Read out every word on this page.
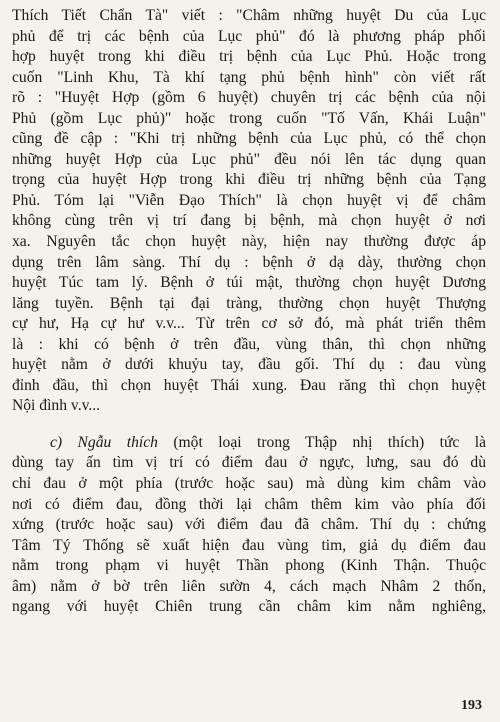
Thích Tiết Chẩn Tà" viết : "Châm những huyệt Du của Lục
phủ để trị các bệnh của Lục phủ" đó là phương pháp phối
hợp huyệt trong khi điều trị bệnh của Lục Phủ. Hoặc trong
cuốn "Linh Khu, Tà khí tạng phủ bệnh hình" còn viết rất
rõ : "Huyệt Hợp (gồm 6 huyệt) chuyên trị các bệnh của nội
Phủ (gồm Lục phủ)" hoặc trong cuốn "Tố Vấn, Khái Luận"
cũng đề cập : "Khi trị những bệnh của Lục phủ, có thể chọn
những huyệt Hợp của Lục phủ" đều nói lên tác dụng quan
trọng của huyệt Hợp trong khi điều trị những bệnh của Tạng
Phủ. Tóm lại "Viễn Đạo Thích" là chọn huyệt vị để châm
không cùng trên vị trí đang bị bệnh, mà chọn huyệt ở nơi
xa. Nguyên tắc chọn huyệt này, hiện nay thường được áp
dụng trên lâm sàng. Thí dụ : bệnh ở dạ dày, thường chọn
huyệt Túc tam lý. Bệnh ở túi mật, thường chọn huyệt Dương
lăng tuyền. Bệnh tại đại tràng, thường chọn huyệt Thượng
cự hư, Hạ cự hư v.v... Từ trên cơ sở đó, mà phát triển thêm
là : khi có bệnh ở trên đầu, vùng thân, thì chọn những
huyệt nằm ở dưới khuỷu tay, đầu gối. Thí dụ : đau vùng
đỉnh đầu, thì chọn huyệt Thái xung. Đau răng thì chọn huyệt
Nội đình v.v...
c) Ngẫu thích (một loại trong Thập nhị thích) tức là
dùng tay ấn tìm vị trí có điểm đau ở ngực, lưng, sau đó dù
chỉ đau ở một phía (trước hoặc sau) mà dùng kim châm vào
nơi có điểm đau, đồng thời lại châm thêm kim vào phía đối
xứng (trước hoặc sau) với điểm đau đã châm. Thí dụ : chứng
Tâm Tý Thống sẽ xuất hiện đau vùng tim, giả dụ điểm đau
nằm trong phạm vi huyệt Thần phong (Kinh Thận. Thuộc
âm) nằm ở bờ trên liên sườn 4, cách mạch Nhâm 2 thốn,
ngang với huyệt Chiên trung cần châm kim nằm nghiêng,
193
